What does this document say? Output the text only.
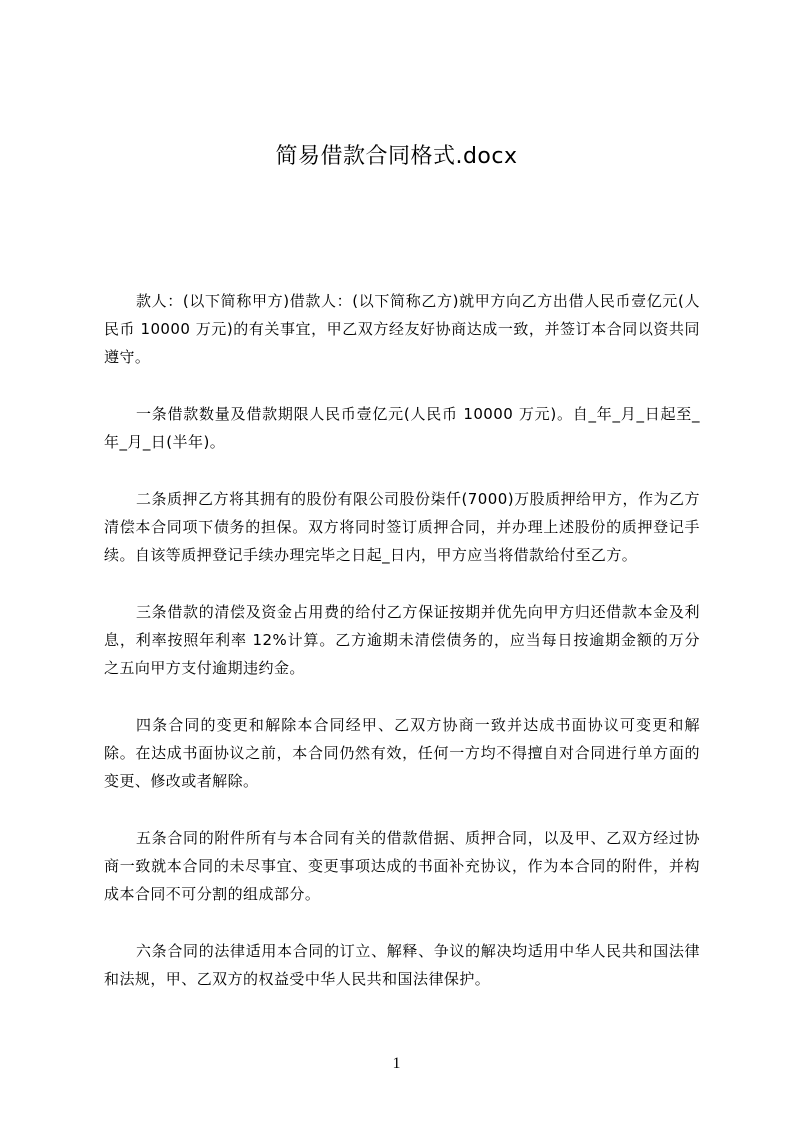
简易借款合同格式.docx

款人：(以下简称甲方)借款人：(以下简称乙方)就甲方向乙方出借人民币壹亿元(人民币 10000 万元)的有关事宜，甲乙双方经友好协商达成一致，并签订本合同以资共同遵守。

一条借款数量及借款期限人民币壹亿元(人民币 10000 万元)。自_年_月_日起至_年_月_日(半年)。

二条质押乙方将其拥有的股份有限公司股份柒仟(7000)万股质押给甲方，作为乙方清偿本合同项下债务的担保。双方将同时签订质押合同，并办理上述股份的质押登记手续。自该等质押登记手续办理完毕之日起_日内，甲方应当将借款给付至乙方。

三条借款的清偿及资金占用费的给付乙方保证按期并优先向甲方归还借款本金及利息，利率按照年利率 12%计算。乙方逾期未清偿债务的，应当每日按逾期金额的万分之五向甲方支付逾期违约金。

四条合同的变更和解除本合同经甲、乙双方协商一致并达成书面协议可变更和解除。在达成书面协议之前，本合同仍然有效，任何一方均不得擅自对合同进行单方面的变更、修改或者解除。

五条合同的附件所有与本合同有关的借款借据、质押合同，以及甲、乙双方经过协商一致就本合同的未尽事宜、变更事项达成的书面补充协议，作为本合同的附件，并构成本合同不可分割的组成部分。

六条合同的法律适用本合同的订立、解释、争议的解决均适用中华人民共和国法律和法规，甲、乙双方的权益受中华人民共和国法律保护。

1
